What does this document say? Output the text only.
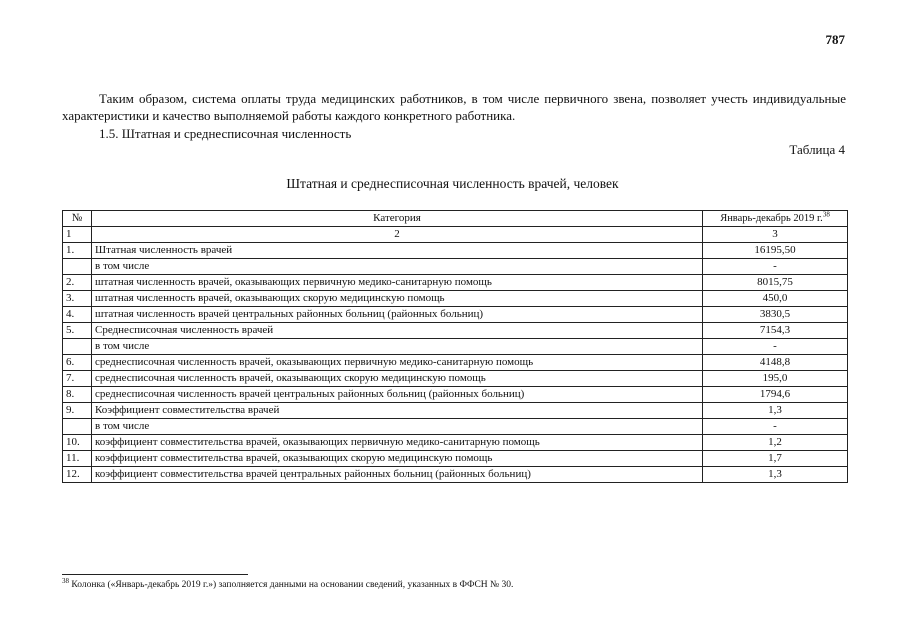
787

Таким образом, система оплаты труда медицинских работников, в том числе первичного звена, позволяет учесть индивидуальные характеристики и качество выполняемой работы каждого конкретного работника.

1.5. Штатная и среднесписочная численность
Таблица 4
Штатная и среднесписочная численность врачей, человек
№	Категория	Январь-декабрь 2019 г.$^{38}$
1	2	3
1.	Штатная численность врачей	16195,50
	в том числе	-
2.	штатная численность врачей, оказывающих первичную медико-санитарную помощь	8015,75
3.	штатная численность врачей, оказывающих скорую медицинскую помощь	450,0
4.	штатная численность врачей центральных районных больниц (районных больниц)	3830,5
5.	Среднесписочная численность врачей	7154,3
	в том числе	-
6.	среднесписочная численность врачей, оказывающих первичную медико-санитарную помощь	4148,8
7.	среднесписочная численность врачей, оказывающих скорую медицинскую помощь	195,0
8.	среднесписочная численность врачей центральных районных больниц (районных больниц)	1794,6
9.	Коэффициент совместительства врачей	1,3
	в том числе	-
10.	коэффициент совместительства врачей, оказывающих первичную медико-санитарную помощь	1,2
11.	коэффициент совместительства врачей, оказывающих скорую медицинскую помощь	1,7
12.	коэффициент совместительства врачей центральных районных больниц (районных больниц)	1,3
$^{38}$ Колонка («Январь-декабрь 2019 г.») заполняется данными на основании сведений, указанных в ФФСН № 30.
